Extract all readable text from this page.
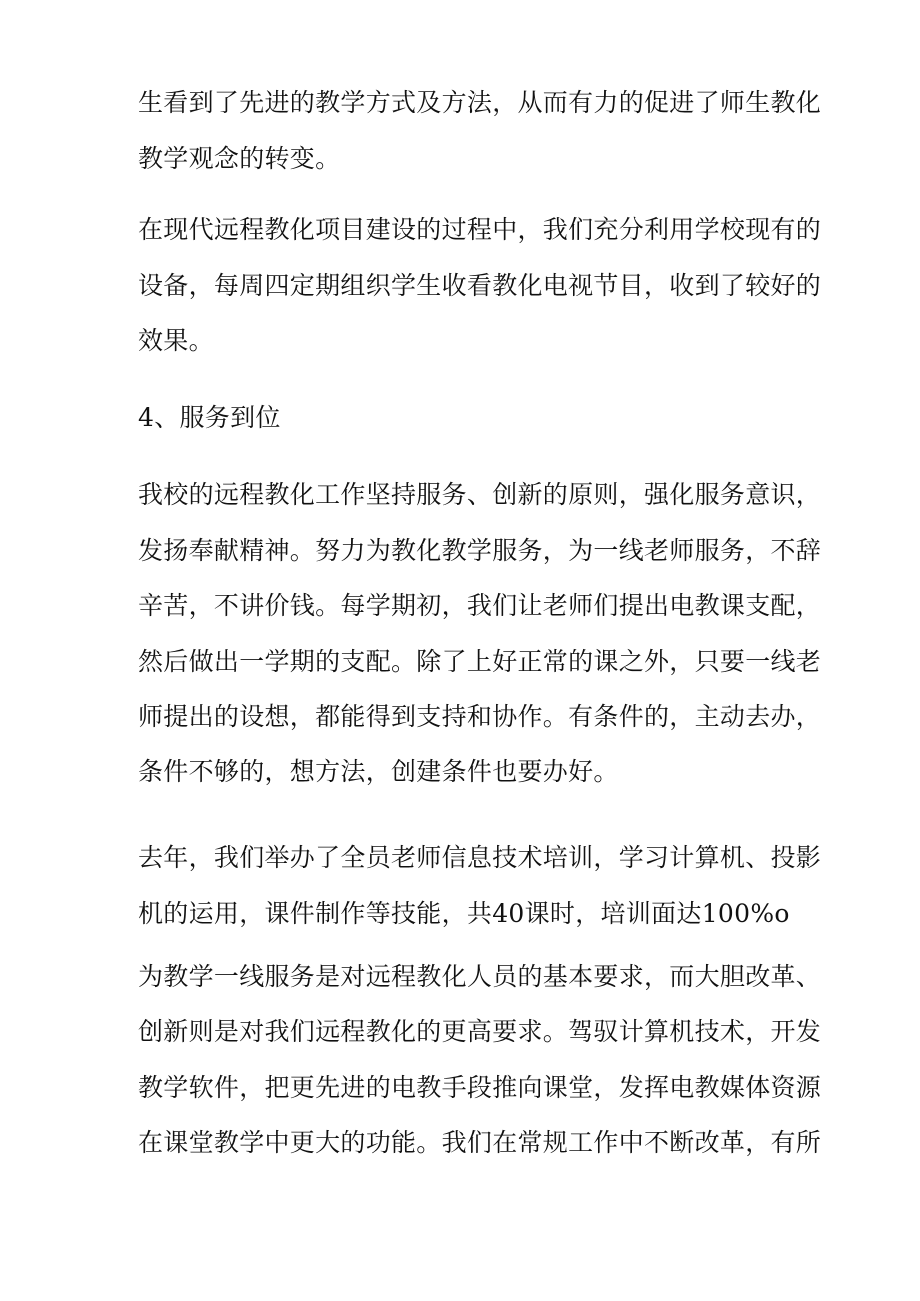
生看到了先进的教学方式及方法，从而有力的促进了师生教化
教学观念的转变。
在现代远程教化项目建设的过程中，我们充分利用学校现有的
设备，每周四定期组织学生收看教化电视节目，收到了较好的
效果。
4、服务到位
我校的远程教化工作坚持服务、创新的原则，强化服务意识，
发扬奉献精神。努力为教化教学服务，为一线老师服务，不辞
辛苦，不讲价钱。每学期初，我们让老师们提出电教课支配，
然后做出一学期的支配。除了上好正常的课之外，只要一线老
师提出的设想，都能得到支持和协作。有条件的，主动去办，
条件不够的，想方法，创建条件也要办好。
去年，我们举办了全员老师信息技术培训，学习计算机、投影
机的运用，课件制作等技能，共40课时，培训面达100%o
为教学一线服务是对远程教化人员的基本要求，而大胆改革、
创新则是对我们远程教化的更高要求。驾驭计算机技术，开发
教学软件，把更先进的电教手段推向课堂，发挥电教媒体资源
在课堂教学中更大的功能。我们在常规工作中不断改革，有所
